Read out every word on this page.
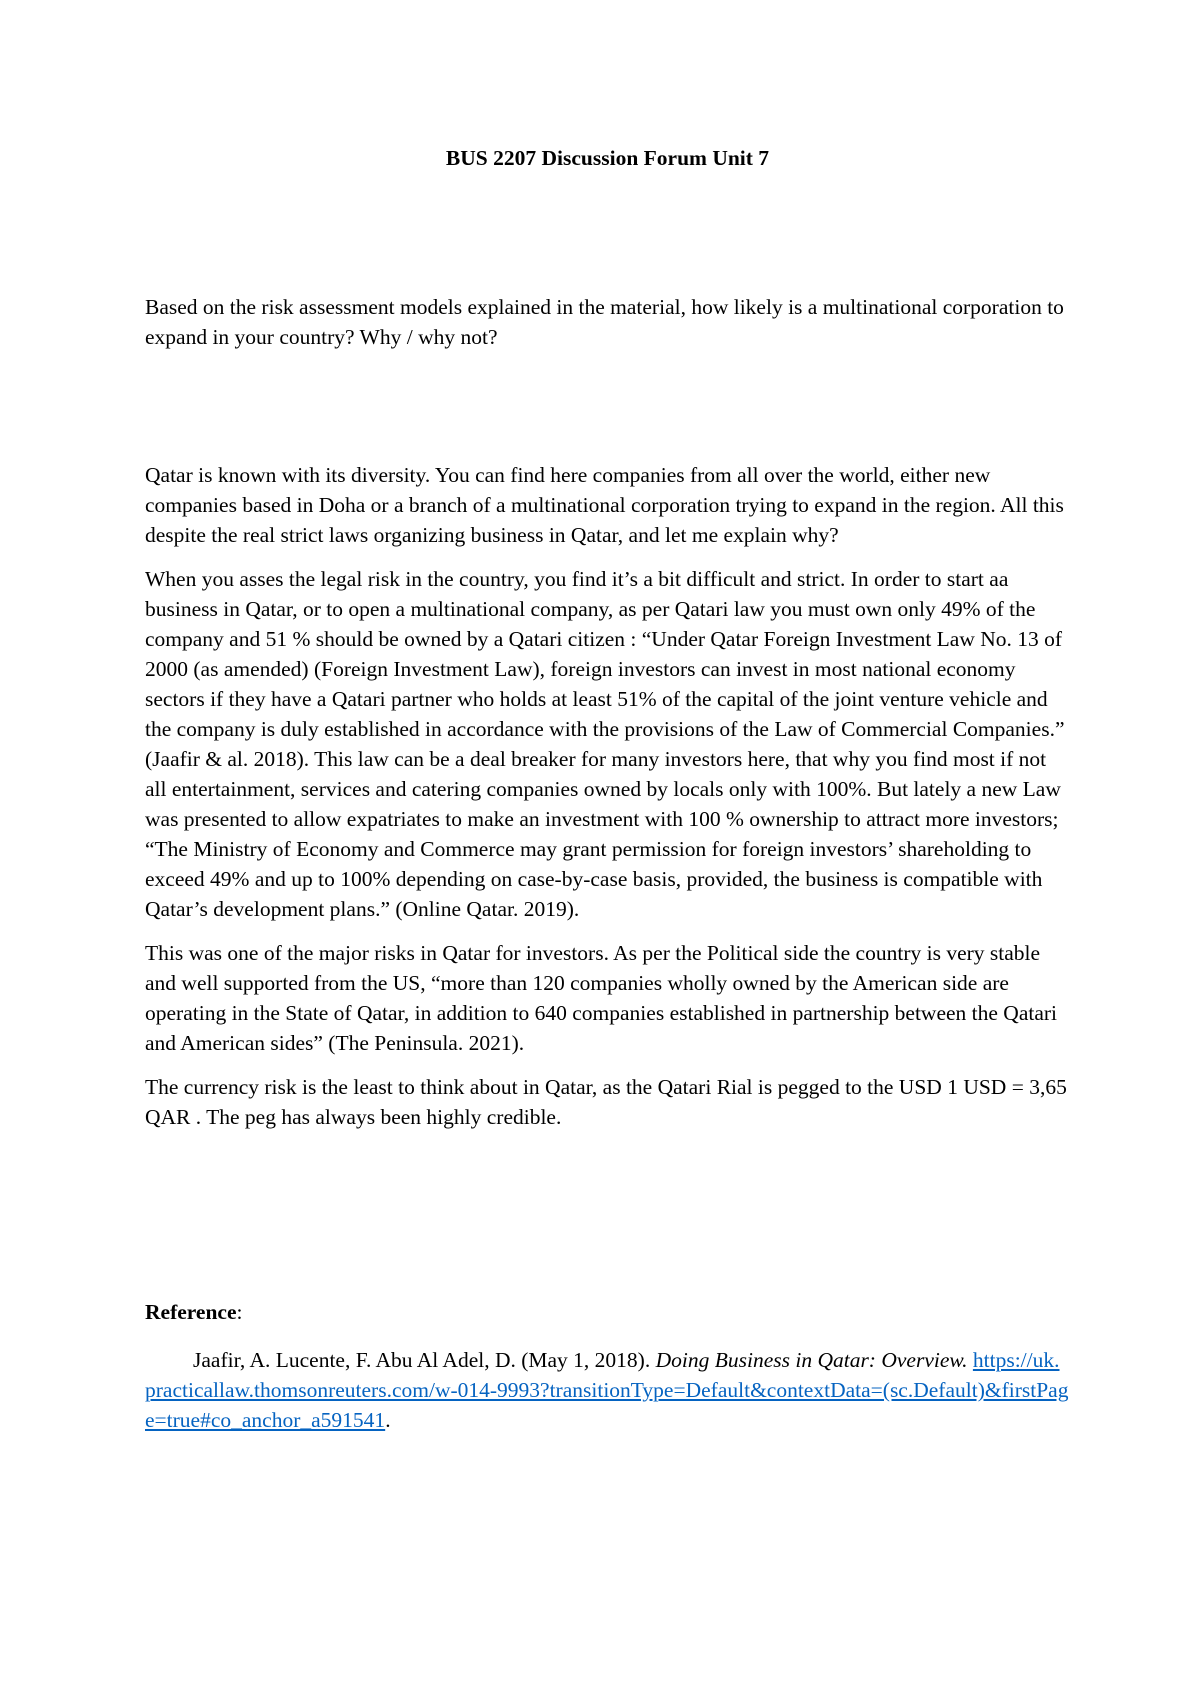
BUS 2207 Discussion Forum Unit 7

Based on the risk assessment models explained in the material, how likely is a multinational corporation to expand in your country? Why / why not?

Qatar is known with its diversity. You can find here companies from all over the world, either new companies based in Doha or a branch of a multinational corporation trying to expand in the region. All this despite the real strict laws organizing business in Qatar, and let me explain why?

When you asses the legal risk in the country, you find it’s a bit difficult and strict. In order to start aa business in Qatar, or to open a multinational company, as per Qatari law you must own only 49% of the company and 51 % should be owned by a Qatari citizen : “Under Qatar Foreign Investment Law No. 13 of 2000 (as amended) (Foreign Investment Law), foreign investors can invest in most national economy sectors if they have a Qatari partner who holds at least 51% of the capital of the joint venture vehicle and the company is duly established in accordance with the provisions of the Law of Commercial Companies.” (Jaafir & al. 2018). This law can be a deal breaker for many investors here, that why you find most if not all entertainment, services and catering companies owned by locals only with 100%. But lately a new Law was presented to allow expatriates to make an investment with 100 % ownership to attract more investors; “The Ministry of Economy and Commerce may grant permission for foreign investors’ shareholding to exceed 49% and up to 100% depending on case-by-case basis, provided, the business is compatible with Qatar’s development plans.” (Online Qatar. 2019).

This was one of the major risks in Qatar for investors. As per the Political side the country is very stable and well supported from the US, “more than 120 companies wholly owned by the American side are operating in the State of Qatar, in addition to 640 companies established in partnership between the Qatari and American sides” (The Peninsula. 2021).

The currency risk is the least to think about in Qatar, as the Qatari Rial is pegged to the USD 1 USD = 3,65 QAR . The peg has always been highly credible.

Reference:

Jaafir, A. Lucente, F. Abu Al Adel, D. (May 1, 2018). Doing Business in Qatar: Overview. https://uk.practicallaw.thomsonreuters.com/w-014-9993?transitionType=Default&contextData=(sc.Default)&firstPage=true#co_anchor_a591541.
